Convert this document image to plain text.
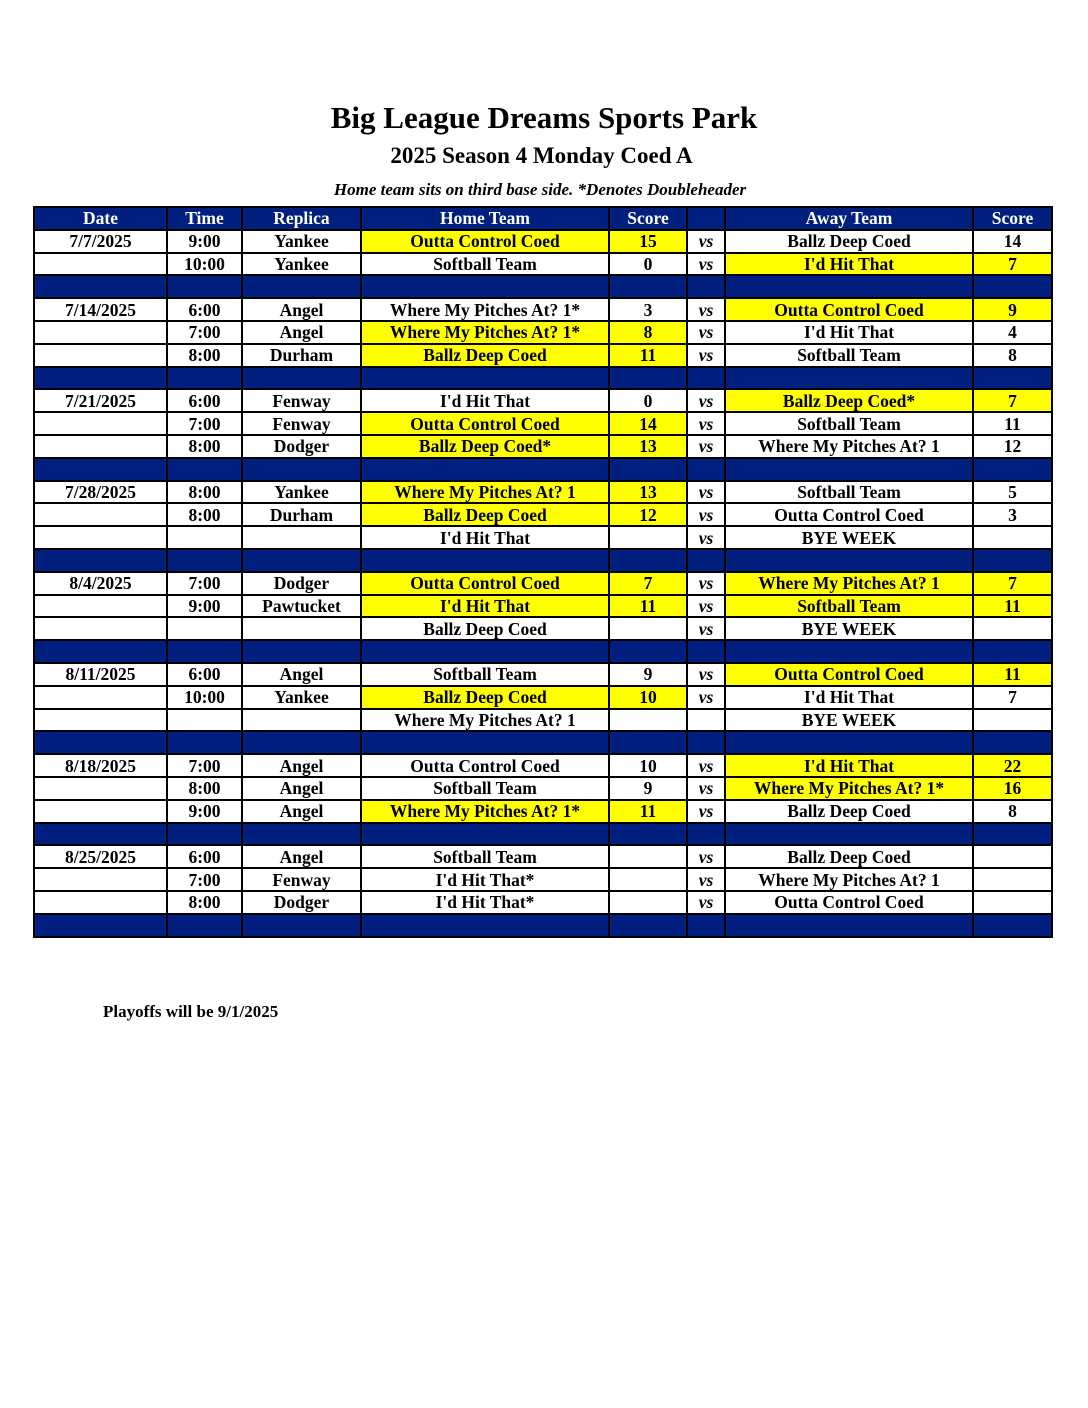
Big League Dreams Sports Park
2025 Season 4 Monday Coed A
Home team sits on third base side. *Denotes Doubleheader
Date	Time	Replica	Home Team	Score		Away Team	Score
7/7/2025	9:00	Yankee	Outta Control Coed	15	vs	Ballz Deep Coed	14
	10:00	Yankee	Softball Team	0	vs	I'd Hit That	7

7/14/2025	6:00	Angel	Where My Pitches At? 1*	3	vs	Outta Control Coed	9
	7:00	Angel	Where My Pitches At? 1*	8	vs	I'd Hit That	4
	8:00	Durham	Ballz Deep Coed	11	vs	Softball Team	8

7/21/2025	6:00	Fenway	I'd Hit That	0	vs	Ballz Deep Coed*	7
	7:00	Fenway	Outta Control Coed	14	vs	Softball Team	11
	8:00	Dodger	Ballz Deep Coed*	13	vs	Where My Pitches At? 1	12

7/28/2025	8:00	Yankee	Where My Pitches At? 1	13	vs	Softball Team	5
	8:00	Durham	Ballz Deep Coed	12	vs	Outta Control Coed	3
			I'd Hit That		vs	BYE WEEK	

8/4/2025	7:00	Dodger	Outta Control Coed	7	vs	Where My Pitches At? 1	7
	9:00	Pawtucket	I'd Hit That	11	vs	Softball Team	11
			Ballz Deep Coed		vs	BYE WEEK	

8/11/2025	6:00	Angel	Softball Team	9	vs	Outta Control Coed	11
	10:00	Yankee	Ballz Deep Coed	10	vs	I'd Hit That	7
			Where My Pitches At? 1			BYE WEEK	

8/18/2025	7:00	Angel	Outta Control Coed	10	vs	I'd Hit That	22
	8:00	Angel	Softball Team	9	vs	Where My Pitches At? 1*	16
	9:00	Angel	Where My Pitches At? 1*	11	vs	Ballz Deep Coed	8

8/25/2025	6:00	Angel	Softball Team		vs	Ballz Deep Coed	
	7:00	Fenway	I'd Hit That*		vs	Where My Pitches At? 1	
	8:00	Dodger	I'd Hit That*		vs	Outta Control Coed	

Playoffs will be 9/1/2025
